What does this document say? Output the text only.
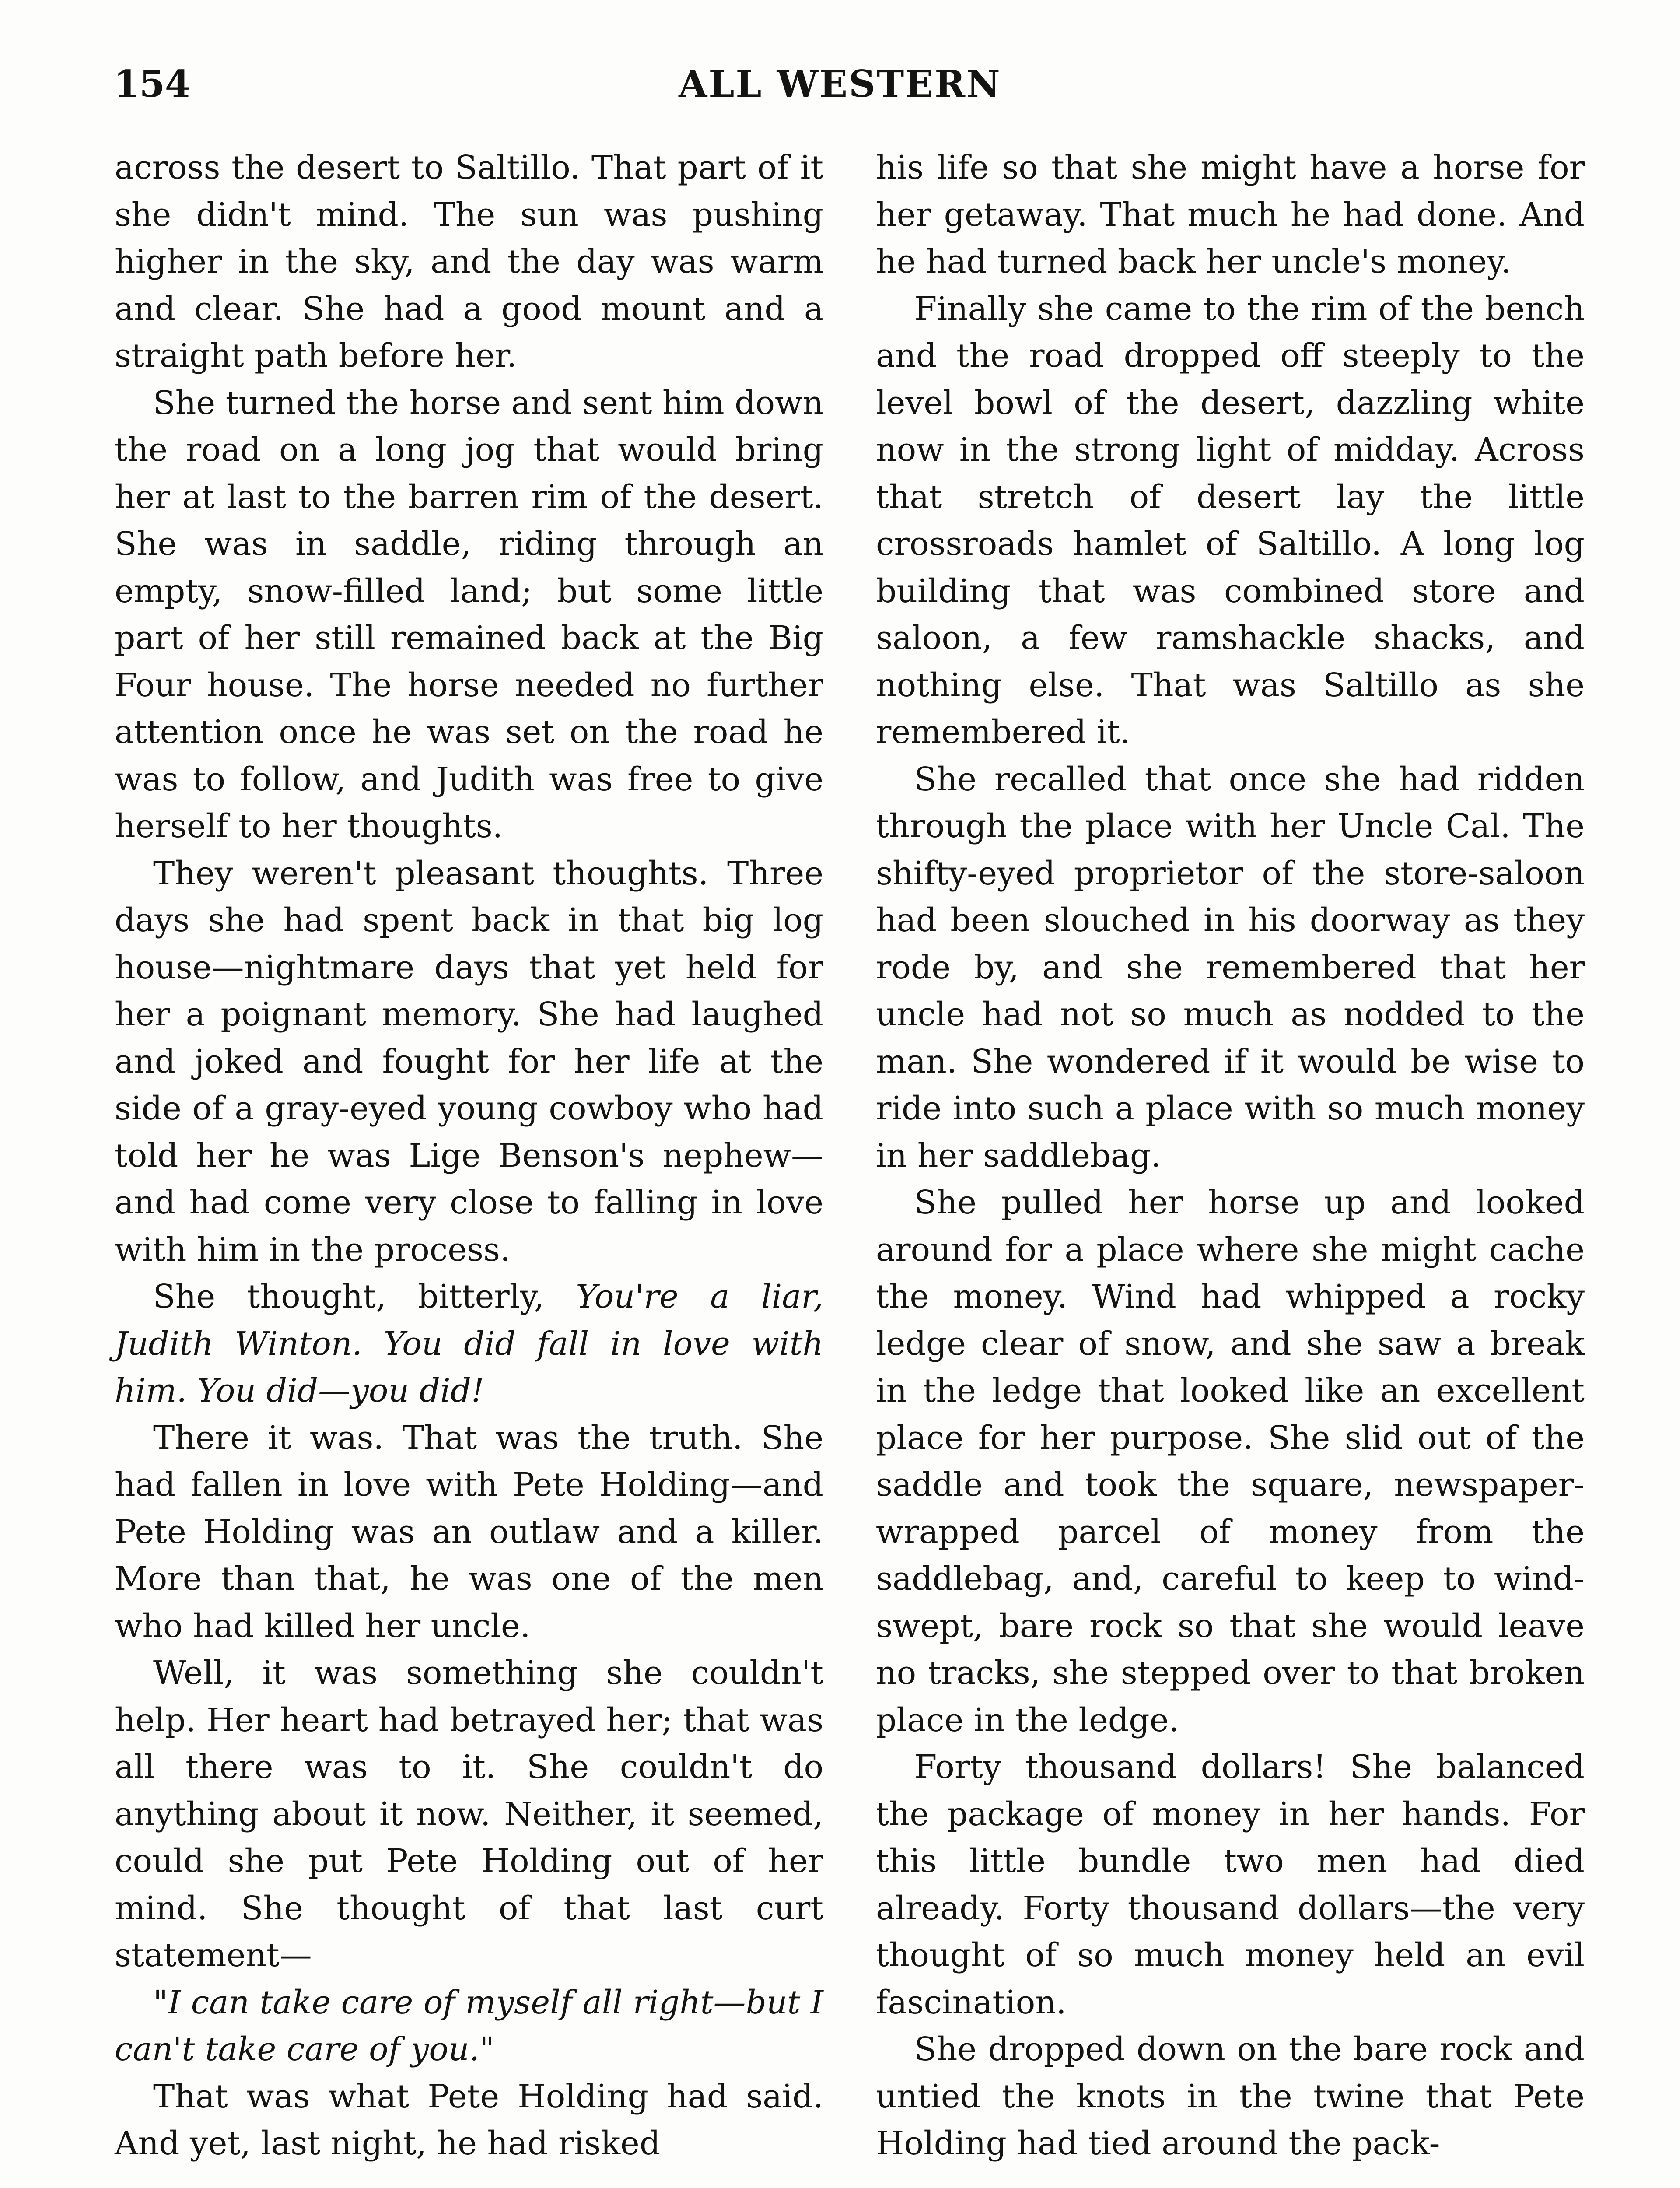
154	ALL WESTERN

across the desert to Saltillo. That part of it she didn't mind. The sun was pushing higher in the sky, and the day was warm and clear. She had a good mount and a straight path before her.

She turned the horse and sent him down the road on a long jog that would bring her at last to the barren rim of the desert. She was in saddle, riding through an empty, snow-filled land; but some little part of her still remained back at the Big Four house. The horse needed no further attention once he was set on the road he was to follow, and Judith was free to give herself to her thoughts.

They weren't pleasant thoughts. Three days she had spent back in that big log house—nightmare days that yet held for her a poignant memory. She had laughed and joked and fought for her life at the side of a gray-eyed young cowboy who had told her he was Lige Benson's nephew—and had come very close to falling in love with him in the process.

She thought, bitterly, You're a liar, Judith Winton. You did fall in love with him. You did—you did!

There it was. That was the truth. She had fallen in love with Pete Holding—and Pete Holding was an outlaw and a killer. More than that, he was one of the men who had killed her uncle.

Well, it was something she couldn't help. Her heart had betrayed her; that was all there was to it. She couldn't do anything about it now. Neither, it seemed, could she put Pete Holding out of her mind. She thought of that last curt statement—

"I can take care of myself all right—but I can't take care of you."

That was what Pete Holding had said. And yet, last night, he had risked

his life so that she might have a horse for her getaway. That much he had done. And he had turned back her uncle's money.

Finally she came to the rim of the bench and the road dropped off steeply to the level bowl of the desert, dazzling white now in the strong light of midday. Across that stretch of desert lay the little crossroads hamlet of Saltillo. A long log building that was combined store and saloon, a few ramshackle shacks, and nothing else. That was Saltillo as she remembered it.

She recalled that once she had ridden through the place with her Uncle Cal. The shifty-eyed proprietor of the store-saloon had been slouched in his doorway as they rode by, and she remembered that her uncle had not so much as nodded to the man. She wondered if it would be wise to ride into such a place with so much money in her saddlebag.

She pulled her horse up and looked around for a place where she might cache the money. Wind had whipped a rocky ledge clear of snow, and she saw a break in the ledge that looked like an excellent place for her purpose. She slid out of the saddle and took the square, newspaper-wrapped parcel of money from the saddlebag, and, careful to keep to wind-swept, bare rock so that she would leave no tracks, she stepped over to that broken place in the ledge.

Forty thousand dollars! She balanced the package of money in her hands. For this little bundle two men had died already. Forty thousand dollars—the very thought of so much money held an evil fascination.

She dropped down on the bare rock and untied the knots in the twine that Pete Holding had tied around the pack-
